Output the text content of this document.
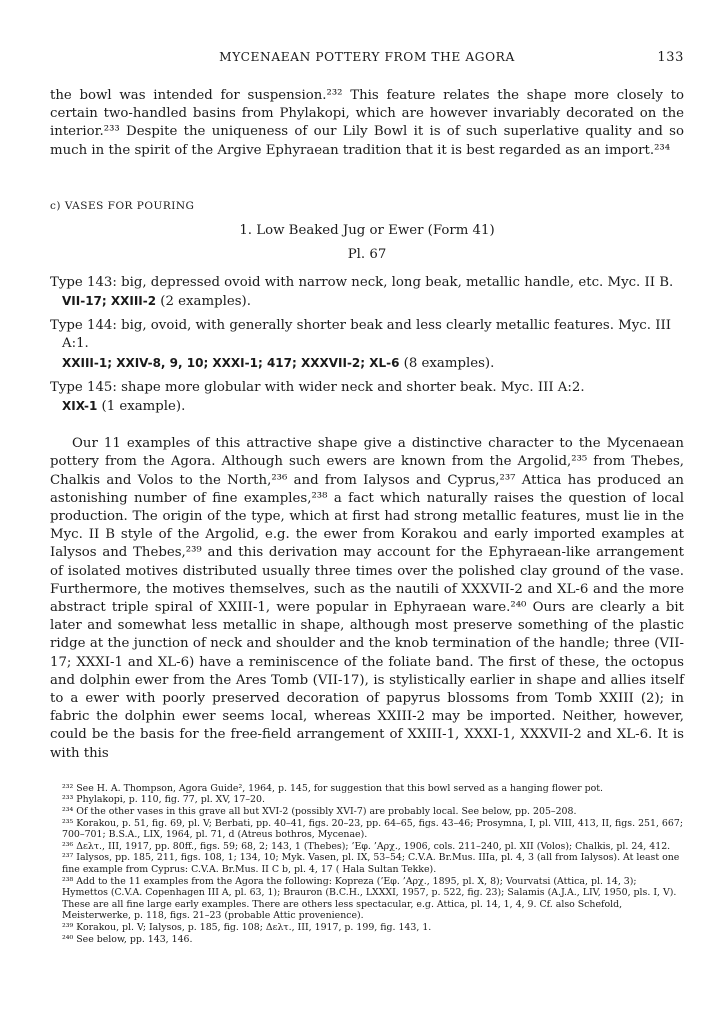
MYCENAEAN POTTERY FROM THE AGORA	133

the bowl was intended for suspension.²³² This feature relates the shape more closely to certain two-handled basins from Phylakopi, which are however invariably decorated on the interior.²³³ Despite the uniqueness of our Lily Bowl it is of such superlative quality and so much in the spirit of the Argive Ephyraean tradition that it is best regarded as an import.²³⁴

c) VASES FOR POURING
1. Low Beaked Jug or Ewer (Form 41)
Pl. 67
Type 143: big, depressed ovoid with narrow neck, long beak, metallic handle, etc. Myc. II B.
VII-17; XXIII-2 (2 examples).
Type 144: big, ovoid, with generally shorter beak and less clearly metallic features. Myc. III A:1.
XXIII-1; XXIV-8, 9, 10; XXXI-1; 417; XXXVII-2; XL-6 (8 examples).
Type 145: shape more globular with wider neck and shorter beak. Myc. III A:2.
XIX-1 (1 example).

Our 11 examples of this attractive shape give a distinctive character to the Mycenaean pottery from the Agora. Although such ewers are known from the Argolid,²³⁵ from Thebes, Chalkis and Volos to the North,²³⁶ and from Ialysos and Cyprus,²³⁷ Attica has produced an astonishing number of fine examples,²³⁸ a fact which naturally raises the question of local production. The origin of the type, which at first had strong metallic features, must lie in the Myc. II B style of the Argolid, e.g. the ewer from Korakou and early imported examples at Ialysos and Thebes,²³⁹ and this derivation may account for the Ephyraean-like arrangement of isolated motives distributed usually three times over the polished clay ground of the vase. Furthermore, the motives themselves, such as the nautili of XXXVII-2 and XL-6 and the more abstract triple spiral of XXIII-1, were popular in Ephyraean ware.²⁴⁰ Ours are clearly a bit later and somewhat less metallic in shape, although most preserve something of the plastic ridge at the junction of neck and shoulder and the knob termination of the handle; three (VII-17; XXXI-1 and XL-6) have a reminiscence of the foliate band. The first of these, the octopus and dolphin ewer from the Ares Tomb (VII-17), is stylistically earlier in shape and allies itself to a ewer with poorly preserved decoration of papyrus blossoms from Tomb XXIII (2); in fabric the dolphin ewer seems local, whereas XXIII-2 may be imported. Neither, however, could be the basis for the free-field arrangement of XXIII-1, XXXI-1, XXXVII-2 and XL-6. It is with this

²³² See H. A. Thompson, Agora Guide², 1964, p. 145, for suggestion that this bowl served as a hanging flower pot.
²³³ Phylakopi, p. 110, fig. 77, pl. XV, 17–20.
²³⁴ Of the other vases in this grave all but XVI-2 (possibly XVI-7) are probably local. See below, pp. 205–208.
²³⁵ Korakou, p. 51, fig. 69, pl. V; Berbati, pp. 40–41, figs. 20–23, pp. 64–65, figs. 43–46; Prosymna, I, pl. VIII, 413, II, figs. 251, 667; 700–701; B.S.A., LIX, 1964, pl. 71, d (Atreus bothros, Mycenae).
²³⁶ Δελτ., III, 1917, pp. 80ff., figs. 59; 68, 2; 143, 1 (Thebes); ’Εφ. ’Αρχ., 1906, cols. 211–240, pl. XII (Volos); Chalkis, pl. 24, 412.
²³⁷ Ialysos, pp. 185, 211, figs. 108, 1; 134, 10; Myk. Vasen, pl. IX, 53–54; C.V.A. Br.Mus. IIIa, pl. 4, 3 (all from Ialysos). At least one fine example from Cyprus: C.V.A. Br.Mus. II C b, pl. 4, 17 ( Hala Sultan Tekke).
²³⁸ Add to the 11 examples from the Agora the following: Kopreza (’Εφ. ’Αρχ., 1895, pl. X, 8); Vourvatsi (Attica, pl. 14, 3); Hymettos (C.V.A. Copenhagen III A, pl. 63, 1); Brauron (B.C.H., LXXXI, 1957, p. 522, fig. 23); Salamis (A.J.A., LIV, 1950, pls. I, V). These are all fine large early examples. There are others less spectacular, e.g. Attica, pl. 14, 1, 4, 9. Cf. also Schefold, Meisterwerke, p. 118, figs. 21–23 (probable Attic provenience).
²³⁹ Korakou, pl. V; Ialysos, p. 185, fig. 108; Δελτ., III, 1917, p. 199, fig. 143, 1.
²⁴⁰ See below, pp. 143, 146.
